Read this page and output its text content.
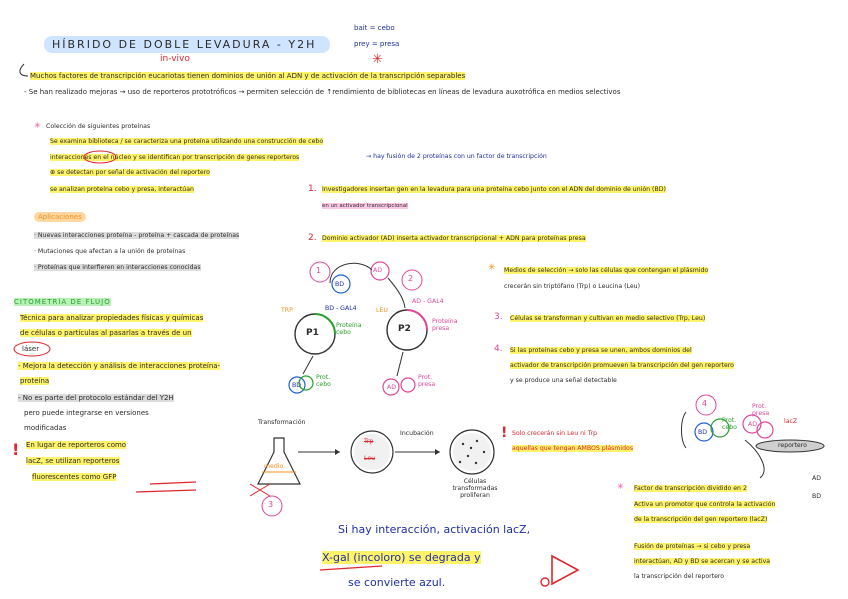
HÍBRIDO DE DOBLE LEVADURA - Y2H
in-vivo
bait = cebo
prey = presa
✳
Muchos factores de transcripción eucariotas tienen dominios de unión al ADN y de activación de la transcripción separables
- Se han realizado mejoras → uso de reporteros prototróficos → permiten selección de ↑rendimiento de bibliotecas en líneas de levadura auxotrófica en medios selectivos
✳ Colección de siguientes proteínas
Se examina biblioteca / se caracteriza una proteína utilizando una construcción de cebo
interacciones en el núcleo y se identifican por transcripción de genes reporteros	→ hay fusión de 2 proteínas con un factor de transcripción
⊕ se detectan por señal de activación del reportero
se analizan proteína cebo y presa, interactúan
Aplicaciones
· Nuevas interacciones proteína - proteína + cascada de proteínas
· Mutaciones que afectan a la unión de proteínas
· Proteínas que interfieren en interacciones conocidas
CITOMETRÍA DE FLUJO
Técnica para analizar propiedades físicas y químicas
de células o partículas al pasarlas a través de un
láser
- Mejora la detección y análisis de interacciones proteína-
proteína
- No es parte del protocolo estándar del Y2H
pero puede integrarse en versiones
modificadas
! En lugar de reporteros como
lacZ, se utilizan reporteros
fluorescentes como GFP
1. Investigadores insertan gen en la levadura para una proteína cebo junto con el ADN del dominio de unión (BD)
en un activador transcripcional
2. Dominio activador (AD) inserta activador transcripcional + ADN para proteínas presa
✳ Medios de selección → solo las células que contengan el plásmido
crecerán sin triptófano (Trp) o Leucina (Leu)
3. Células se transforman y cultivan en medio selectivo (Trp, Leu)
4. Si las proteínas cebo y presa se unen, ambos dominios del
activador de transcripción promueven la transcripción del gen reportero
y se produce una señal detectable
1
2
AD
BD
TRP	LEU
BD - GAL4
AD - GAL4
P1	P2
Proteína cebo
Proteína presa
BD	AD
Prot. cebo
Prot. presa
Transformación
medio
Incubación
Trp
Leu
Células transformadas proliferan
3
! Solo crecerán sin Leu ni Trp
aquellas que tengan AMBOS plásmidos
4
BD
AD
Prot. cebo
Prot. presa
lacZ
reportero
✳ Factor de transcripción dividido en 2
AD
BD
Activa un promotor que controla la activación
de la transcripción del gen reportero (lacZ)
Fusión de proteínas → si cebo y presa
interactúan, AD y BD se acercan y se activa
la transcripción del reportero
Si hay interacción, activación lacZ,
X-gal (incoloro) se degrada y
se convierte azul.
